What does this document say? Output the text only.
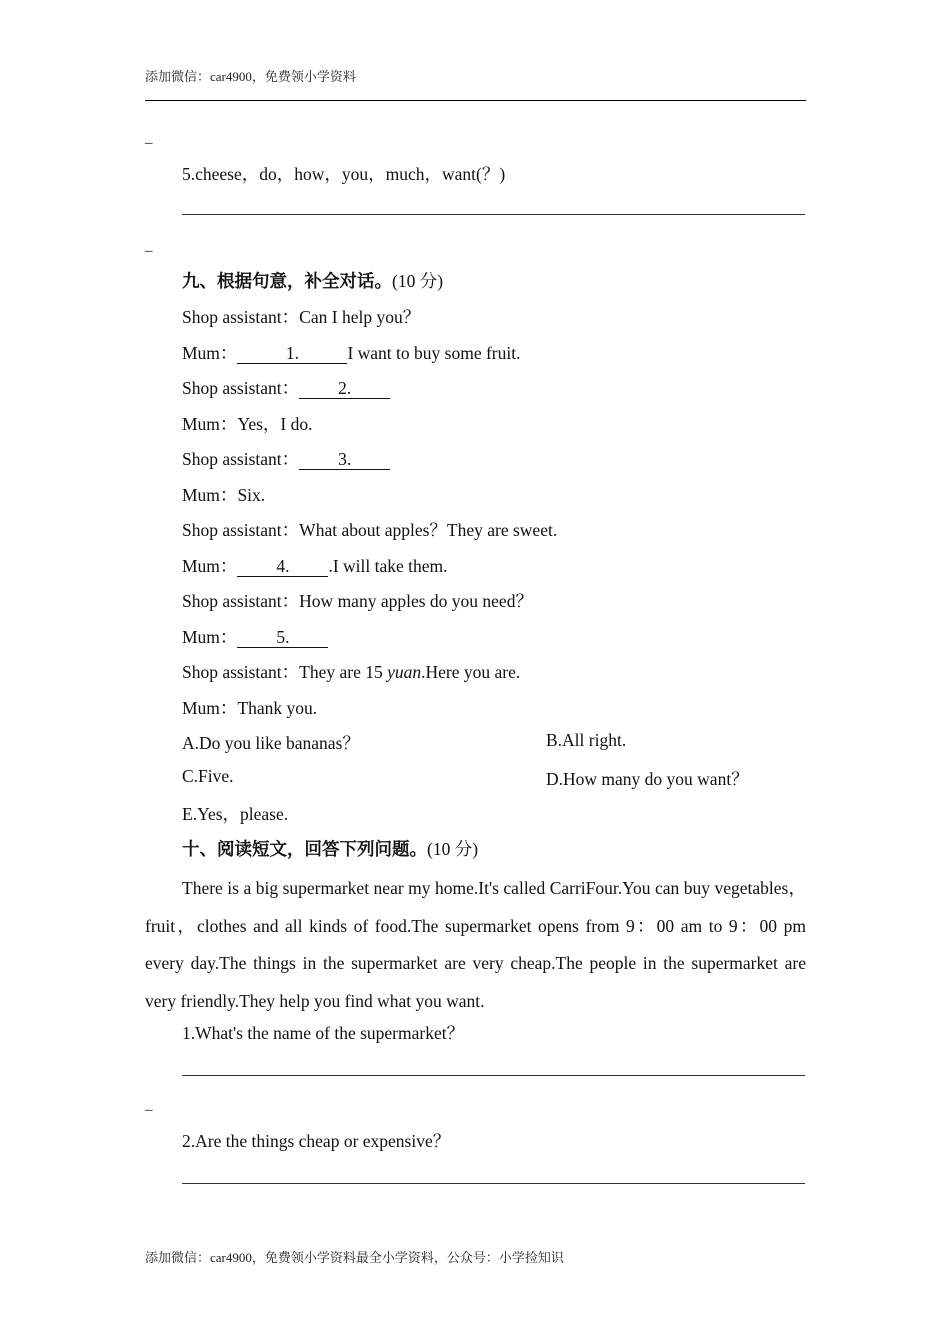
添加微信：car4900，免费领小学资料
_
5.cheese，do，how，you，much，want(？)
_
九、根据句意，补全对话。(10 分)
Shop assistant：Can I help you？
Mum：	1.	I want to buy some fruit.
Shop assistant： 2.
Mum：Yes，I do.
Shop assistant： 3.
Mum：Six.
Shop assistant：What about apples？They are sweet.
Mum： 4. .I will take them.
Shop assistant：How many apples do you need？
Mum： 5.
Shop assistant：They are 15 yuan.Here you are.
Mum：Thank you.
A.Do you like bananas？	B.All right.
C.Five.	D.How many do you want？
E.Yes，please.
十、阅读短文，回答下列问题。(10 分)
There is a big supermarket near my home.It's called CarriFour.You can buy vegetables，fruit，clothes and all kinds of food.The supermarket opens from 9：00 am to 9：00 pm every day.The things in the supermarket are very cheap.The people in the supermarket are very friendly.They help you find what you want.
1.What's the name of the supermarket？
_
2.Are the things cheap or expensive？
添加微信：car4900，免费领小学资料最全小学资料，公众号：小学捡知识
